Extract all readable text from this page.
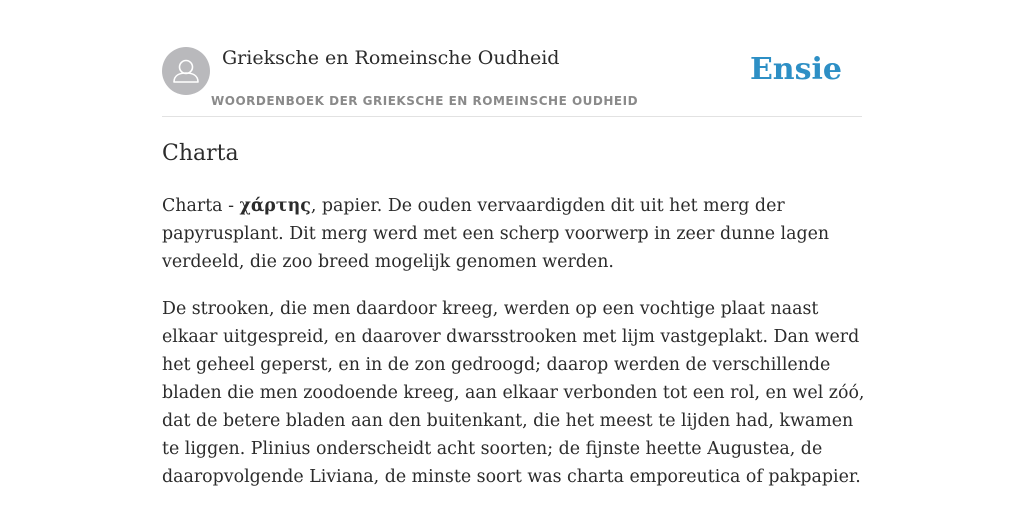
Grieksche en Romeinsche Oudheid
WOORDENBOEK DER GRIEKSCHE EN ROMEINSCHE OUDHEID
Ensie
Charta

Charta - χάρτης, papier. De ouden vervaardigden dit uit het merg der papyrusplant. Dit merg werd met een scherp voorwerp in zeer dunne lagen verdeeld, die zoo breed mogelijk genomen werden.

De strooken, die men daardoor kreeg, werden op een vochtige plaat naast elkaar uitgespreid, en daarover dwarsstrooken met lijm vastgeplakt. Dan werd het geheel geperst, en in de zon gedroogd; daarop werden de verschillende bladen die men zoodoende kreeg, aan elkaar verbonden tot een rol, en wel zóó, dat de betere bladen aan den buitenkant, die het meest te lijden had, kwamen te liggen. Plinius onderscheidt acht soorten; de fijnste heette Augustea, de daaropvolgende Liviana, de minste soort was charta emporeutica of pakpapier.
